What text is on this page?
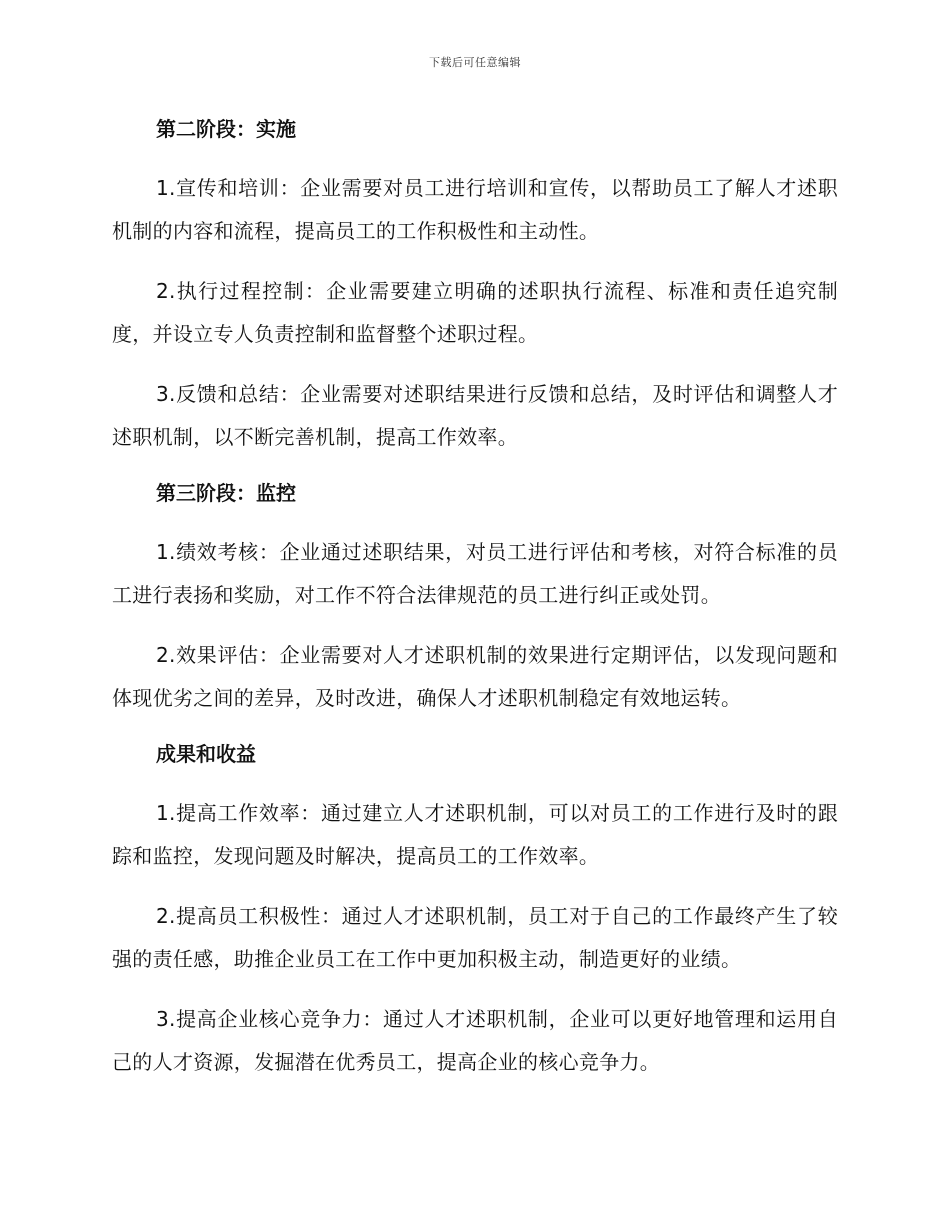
下载后可任意编辑

第二阶段：实施

1.宣传和培训：企业需要对员工进行培训和宣传，以帮助员工了解人才述职机制的内容和流程，提高员工的工作积极性和主动性。

2.执行过程控制：企业需要建立明确的述职执行流程、标准和责任追究制度，并设立专人负责控制和监督整个述职过程。

3.反馈和总结：企业需要对述职结果进行反馈和总结，及时评估和调整人才述职机制，以不断完善机制，提高工作效率。

第三阶段：监控

1.绩效考核：企业通过述职结果，对员工进行评估和考核，对符合标准的员工进行表扬和奖励，对工作不符合法律规范的员工进行纠正或处罚。

2.效果评估：企业需要对人才述职机制的效果进行定期评估，以发现问题和体现优劣之间的差异，及时改进，确保人才述职机制稳定有效地运转。

成果和收益

1.提高工作效率：通过建立人才述职机制，可以对员工的工作进行及时的跟踪和监控，发现问题及时解决，提高员工的工作效率。

2.提高员工积极性：通过人才述职机制，员工对于自己的工作最终产生了较强的责任感，助推企业员工在工作中更加积极主动，制造更好的业绩。

3.提高企业核心竞争力：通过人才述职机制，企业可以更好地管理和运用自己的人才资源，发掘潜在优秀员工，提高企业的核心竞争力。
